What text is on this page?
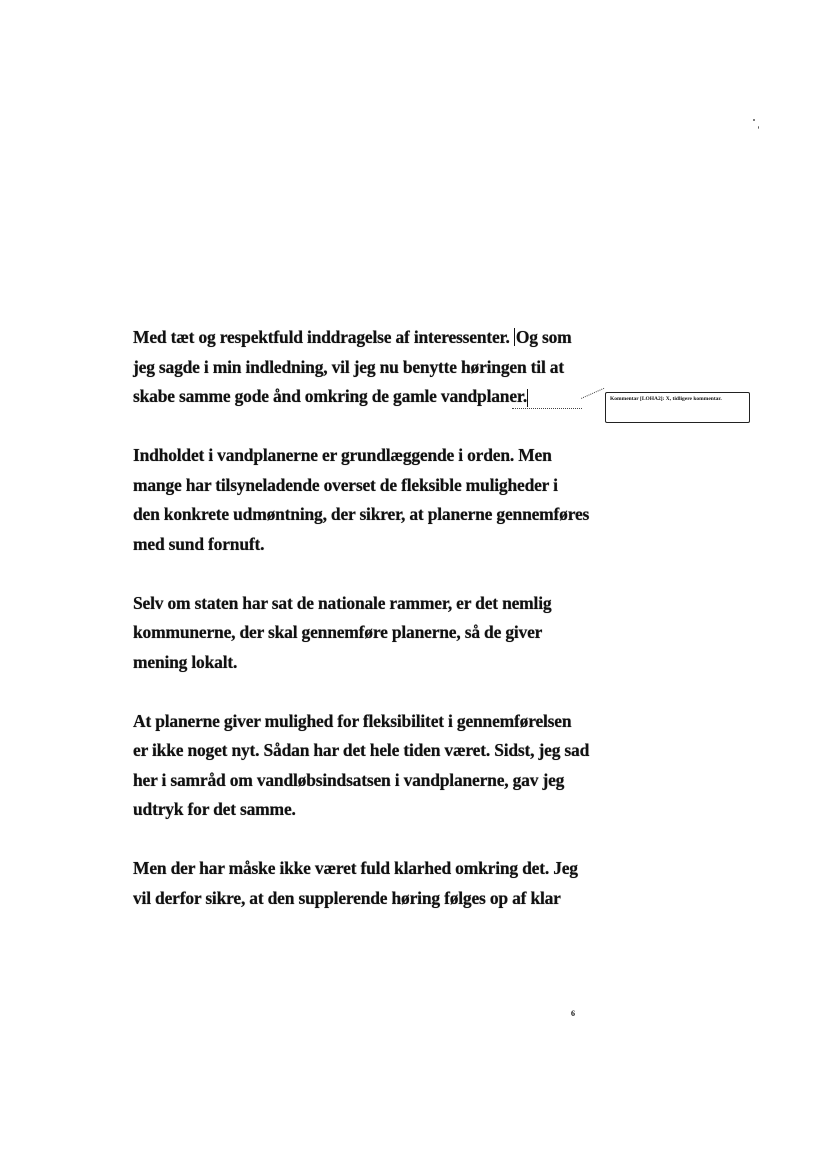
Med tæt og respektfuld inddragelse af interessenter. Og som
jeg sagde i min indledning, vil jeg nu benytte høringen til at
skabe samme gode ånd omkring de gamle vandplaner.
Indholdet i vandplanerne er grundlæggende i orden. Men
mange har tilsyneladende overset de fleksible muligheder i
den konkrete udmøntning, der sikrer, at planerne gennemføres
med sund fornuft.
Selv om staten har sat de nationale rammer, er det nemlig
kommunerne, der skal gennemføre planerne, så de giver
mening lokalt.
At planerne giver mulighed for fleksibilitet i gennemførelsen
er ikke noget nyt. Sådan har det hele tiden været. Sidst, jeg sad
her i samråd om vandløbsindsatsen i vandplanerne, gav jeg
udtryk for det samme.
Men der har måske ikke været fuld klarhed omkring det. Jeg
vil derfor sikre, at den supplerende høring følges op af klar
Kommentar [LOHA2]: X, tidligere kommentar.
6
